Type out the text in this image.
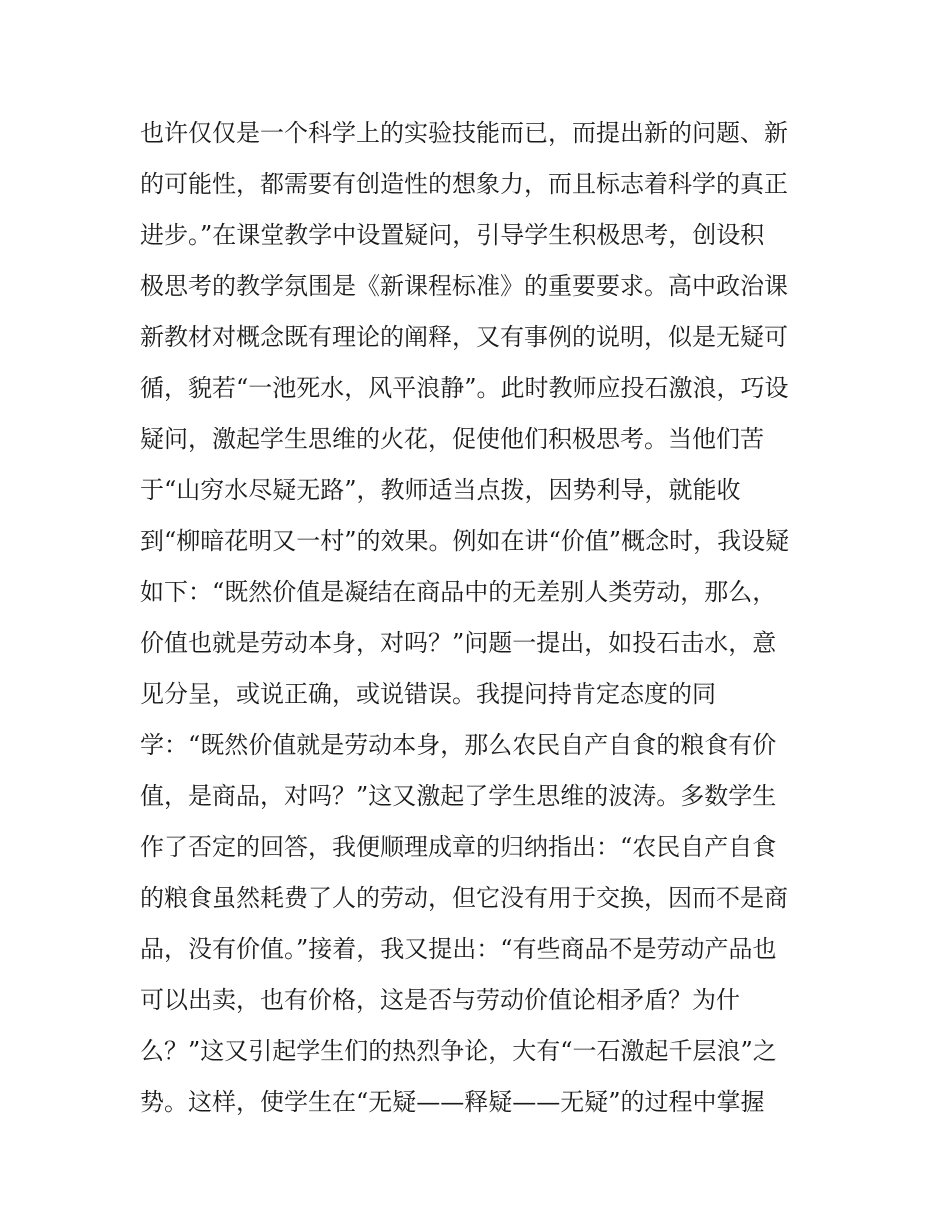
也许仅仅是一个科学上的实验技能而已，而提出新的问题、新
的可能性，都需要有创造性的想象力，而且标志着科学的真正
进步。”在课堂教学中设置疑问，引导学生积极思考，创设积
极思考的教学氛围是《新课程标准》的重要要求。高中政治课
新教材对概念既有理论的阐释，又有事例的说明，似是无疑可
循，貌若“一池死水，风平浪静”。此时教师应投石激浪，巧设
疑问，激起学生思维的火花，促使他们积极思考。当他们苦
于“山穷水尽疑无路”，教师适当点拨，因势利导，就能收
到“柳暗花明又一村”的效果。例如在讲“价值”概念时，我设疑
如下：“既然价值是凝结在商品中的无差别人类劳动，那么，
价值也就是劳动本身，对吗？”问题一提出，如投石击水，意
见分呈，或说正确，或说错误。我提问持肯定态度的同
学：“既然价值就是劳动本身，那么农民自产自食的粮食有价
值，是商品，对吗？”这又激起了学生思维的波涛。多数学生
作了否定的回答，我便顺理成章的归纳指出：“农民自产自食
的粮食虽然耗费了人的劳动，但它没有用于交换，因而不是商
品，没有价值。”接着，我又提出：“有些商品不是劳动产品也
可以出卖，也有价格，这是否与劳动价值论相矛盾？为什
么？”这又引起学生们的热烈争论，大有“一石激起千层浪”之
势。这样，使学生在“无疑——释疑——无疑”的过程中掌握
